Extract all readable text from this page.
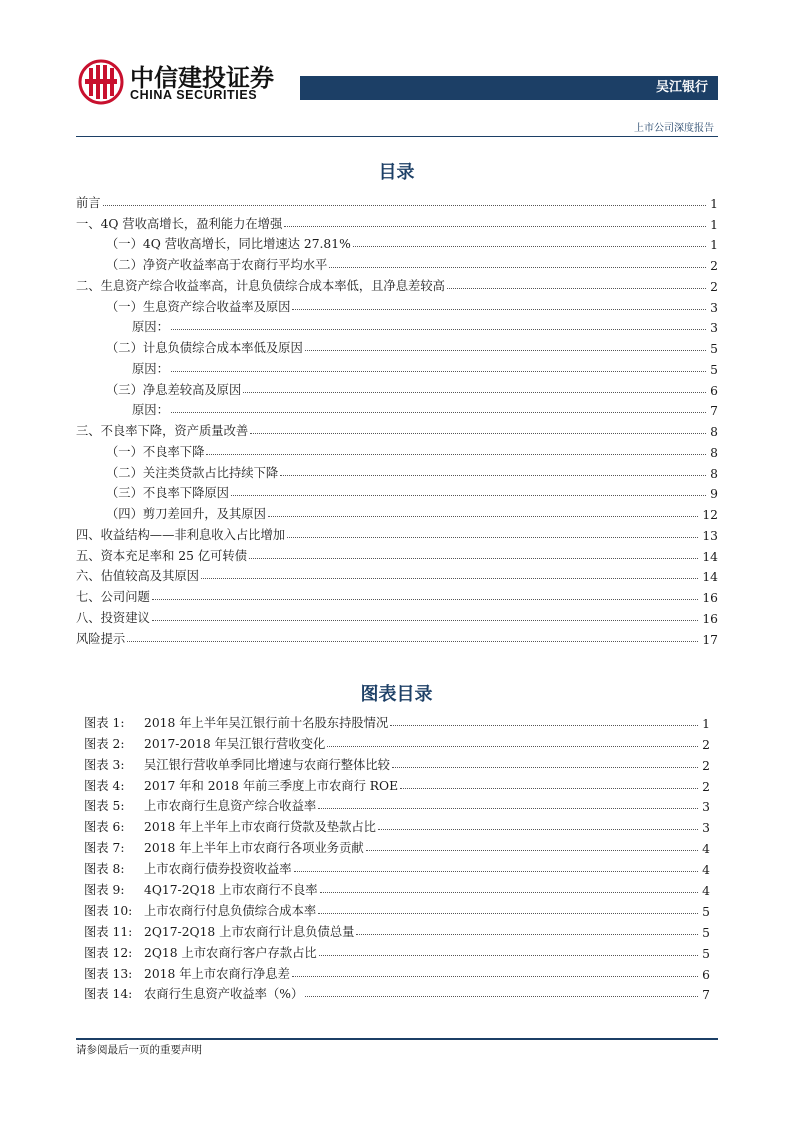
中信建投证券
CHINA SECURITIES	吴江银行
上市公司深度报告
目录
前言	1
一、4Q 营收高增长，盈利能力在增强	1
（一）4Q 营收高增长，同比增速达 27.81%	1
（二）净资产收益率高于农商行平均水平	2
二、生息资产综合收益率高，计息负债综合成本率低，且净息差较高	2
（一）生息资产综合收益率及原因	3
原因：	3
（二）计息负债综合成本率低及原因	5
原因：	5
（三）净息差较高及原因	6
原因：	7
三、不良率下降，资产质量改善	8
（一）不良率下降	8
（二）关注类贷款占比持续下降	8
（三）不良率下降原因	9
（四）剪刀差回升，及其原因	12
四、收益结构——非利息收入占比增加	13
五、资本充足率和 25 亿可转债	14
六、估值较高及其原因	14
七、公司问题	16
八、投资建议	16
风险提示	17
图表目录
图表 1:	2018 年上半年吴江银行前十名股东持股情况	1
图表 2:	2017-2018 年吴江银行营收变化	2
图表 3:	吴江银行营收单季同比增速与农商行整体比较	2
图表 4:	2017 年和 2018 年前三季度上市农商行 ROE	2
图表 5:	上市农商行生息资产综合收益率	3
图表 6:	2018 年上半年上市农商行贷款及垫款占比	3
图表 7:	2018 年上半年上市农商行各项业务贡献	4
图表 8:	上市农商行债券投资收益率	4
图表 9:	4Q17-2Q18 上市农商行不良率	4
图表 10: 上市农商行付息负债综合成本率	5
图表 11: 2Q17-2Q18 上市农商行计息负债总量	5
图表 12: 2Q18 上市农商行客户存款占比	5
图表 13: 2018 年上市农商行净息差	6
图表 14: 农商行生息资产收益率（%）	7
请参阅最后一页的重要声明
